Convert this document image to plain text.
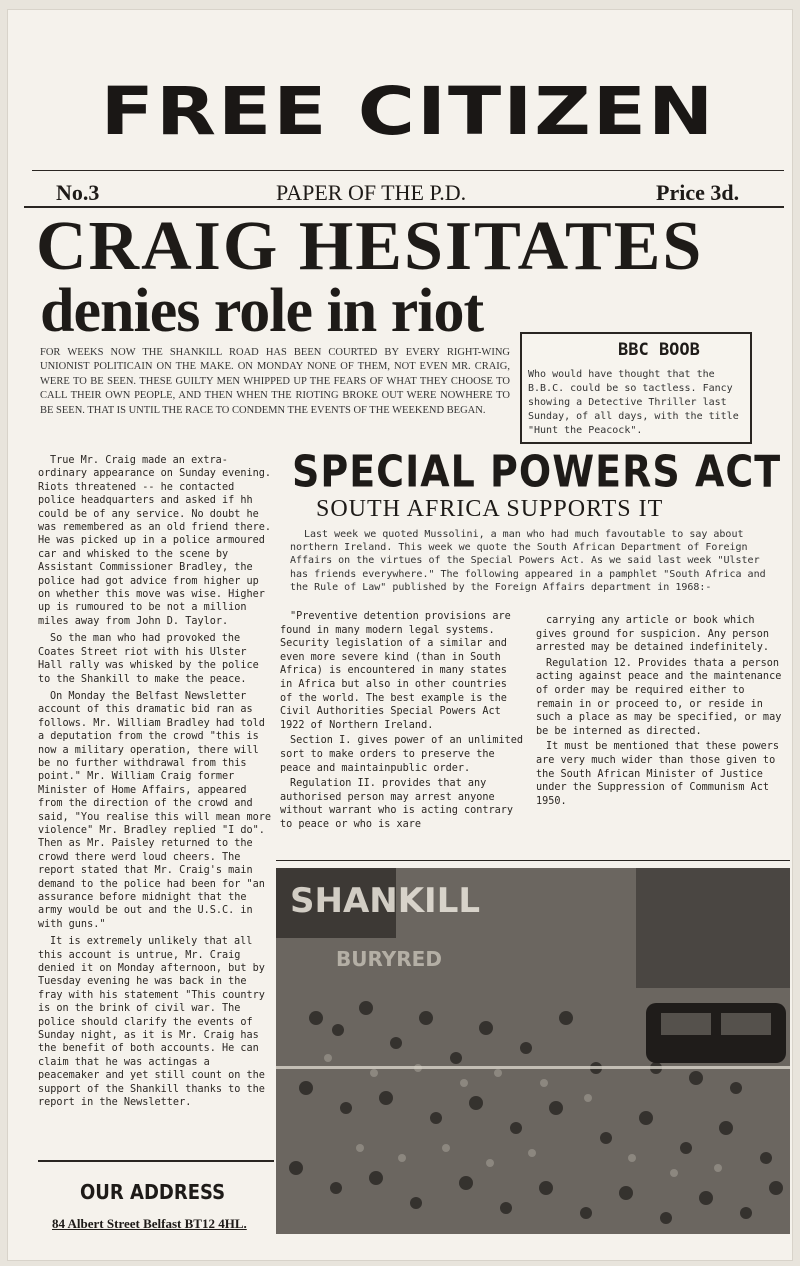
FREE CITIZEN
No.3	PAPER OF THE P.D.	Price 3d.
CRAIG HESITATES
denies role in riot
FOR WEEKS NOW THE SHANKILL ROAD HAS BEEN COURTED BY EVERY RIGHT-WING UNIONIST POLITICAIN ON THE MAKE. ON MONDAY NONE OF THEM, NOT EVEN MR. CRAIG, WERE TO BE SEEN. THESE GUILTY MEN WHIPPED UP THE FEARS OF WHAT THEY CHOOSE TO CALL THEIR OWN PEOPLE, AND THEN WHEN THE RIOTING BROKE OUT WERE NOWHERE TO BE SEEN. THAT IS UNTIL THE RACE TO CONDEMN THE EVENTS OF THE WEEKEND BEGAN.
BBC BOOB
Who would have thought that the B.B.C. could be so tactless. Fancy showing a Detective Thriller last Sunday, of all days, with the title "Hunt the Peacock".

True Mr. Craig made an extra-ordinary appearance on Sunday evening. Riots threatened -- he contacted police headquarters and asked if hh could be of any service. No doubt he was remembered as an old friend there. He was picked up in a police armoured car and whisked to the scene by Assistant Commissioner Bradley, the police had got advice from higher up on whether this move was wise. Higher up is rumoured to be not a million miles away from John D. Taylor.

So the man who had provoked the Coates Street riot with his Ulster Hall rally was whisked by the police to the Shankill to make the peace.

On Monday the Belfast Newsletter account of this dramatic bid ran as follows. Mr. William Bradley had told a deputation from the crowd "this is now a military operation, there will be no further withdrawal from this point." Mr. William Craig former Minister of Home Affairs, appeared from the direction of the crowd and said, "You realise this will mean more violence" Mr. Bradley replied "I do". Then as Mr. Paisley returned to the crowd there werd loud cheers. The report stated that Mr. Craig's main demand to the police had been for "an assurance before midnight that the army would be out and the U.S.C. in with guns."

It is extremely unlikely that all this account is untrue, Mr. Craig denied it on Monday afternoon, but by Tuesday evening he was back in the fray with his statement "This country is on the brink of civil war. The police should clarify the events of Sunday night, as it is Mr. Craig has the benefit of both accounts. He can claim that he was actingas a peacemaker and yet still count on the support of the Shankill thanks to the report in the Newsletter.

SPECIAL POWERS ACT
SOUTH AFRICA SUPPORTS IT
Last week we quoted Mussolini, a man who had much favoutable to say about northern Ireland. This week we quote the South African Department of Foreign Affairs on the virtues of the Special Powers Act. As we said last week "Ulster has friends everywhere." The following appeared in a pamphlet "South Africa and the Rule of Law" published by the Foreign Affairs department in 1968:-

"Preventive detention provisions are found in many modern legal systems. Security legislation of a similar and even more severe kind (than in South Africa) is encountered in many states in Africa but also in other countries of the world. The best example is the Civil Authorities Special Powers Act 1922 of Northern Ireland.

Section I. gives power of an unlimited sort to make orders to preserve the peace and maintainpublic order.

Regulation II. provides that any authorised person may arrest anyone without warrant who is acting contrary to peace or who is xare

carrying any article or book which gives ground for suspicion. Any person arrested may be detained indefinitely.

Regulation 12. Provides thata a person acting against peace and the maintenance of order may be required either to remain in or proceed to, or reside in such a place as may be specified, or may be be interned as directed.

It must be mentioned that these powers are very much wider than those given to the South African Minister of Justice under the Suppression of Communism Act 1950.

SHANKILL
BURYRED
OUR ADDRESS
84 Albert Street Belfast BT12 4HL.
